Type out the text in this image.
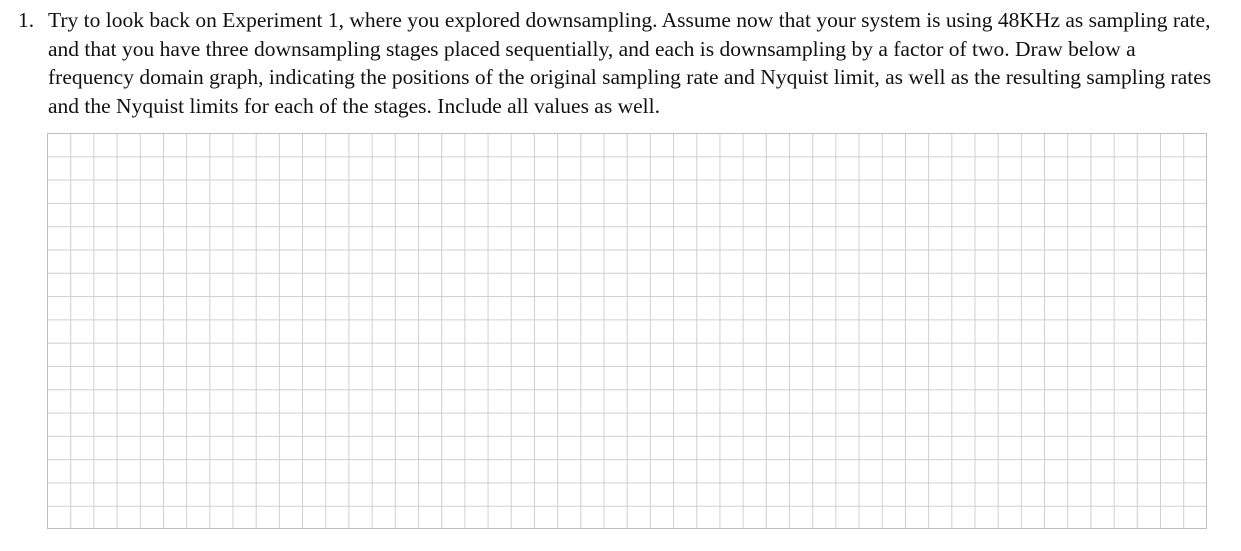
1. Try to look back on Experiment 1, where you explored downsampling. Assume now that your system is using 48KHz as sampling rate, and that you have three downsampling stages placed sequentially, and each is downsampling by a factor of two. Draw below a frequency domain graph, indicating the positions of the original sampling rate and Nyquist limit, as well as the resulting sampling rates and the Nyquist limits for each of the stages. Include all values as well.
